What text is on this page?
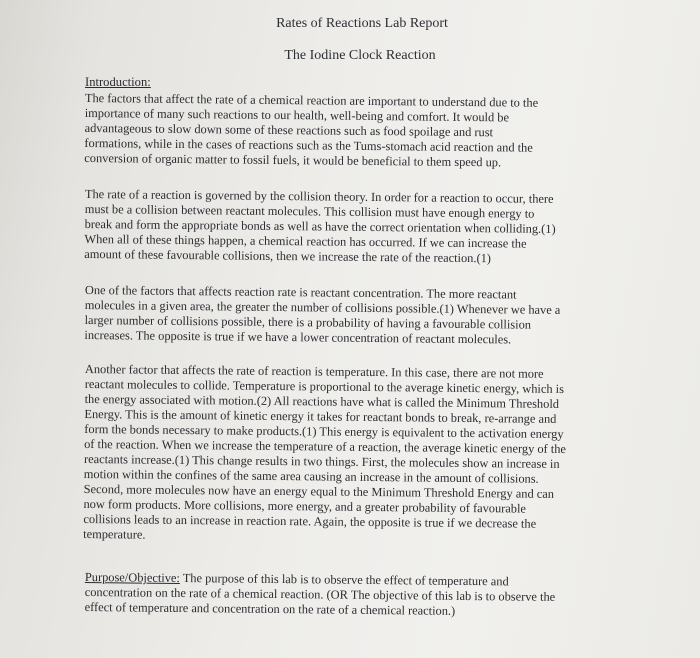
Rates of Reactions Lab Report
The Iodine Clock Reaction
Introduction:
The factors that affect the rate of a chemical reaction are important to understand due to the
importance of many such reactions to our health, well-being and comfort. It would be
advantageous to slow down some of these reactions such as food spoilage and rust
formations, while in the cases of reactions such as the Tums-stomach acid reaction and the
conversion of organic matter to fossil fuels, it would be beneficial to them speed up.
The rate of a reaction is governed by the collision theory. In order for a reaction to occur, there
must be a collision between reactant molecules. This collision must have enough energy to
break and form the appropriate bonds as well as have the correct orientation when colliding.(1)
When all of these things happen, a chemical reaction has occurred. If we can increase the
amount of these favourable collisions, then we increase the rate of the reaction.(1)
One of the factors that affects reaction rate is reactant concentration. The more reactant
molecules in a given area, the greater the number of collisions possible.(1) Whenever we have a
larger number of collisions possible, there is a probability of having a favourable collision
increases. The opposite is true if we have a lower concentration of reactant molecules.
Another factor that affects the rate of reaction is temperature. In this case, there are not more
reactant molecules to collide. Temperature is proportional to the average kinetic energy, which is
the energy associated with motion.(2) All reactions have what is called the Minimum Threshold
Energy. This is the amount of kinetic energy it takes for reactant bonds to break, re-arrange and
form the bonds necessary to make products.(1) This energy is equivalent to the activation energy
of the reaction. When we increase the temperature of a reaction, the average kinetic energy of the
reactants increase.(1) This change results in two things. First, the molecules show an increase in
motion within the confines of the same area causing an increase in the amount of collisions.
Second, more molecules now have an energy equal to the Minimum Threshold Energy and can
now form products. More collisions, more energy, and a greater probability of favourable
collisions leads to an increase in reaction rate. Again, the opposite is true if we decrease the
temperature.
Purpose/Objective: The purpose of this lab is to observe the effect of temperature and
concentration on the rate of a chemical reaction. (OR The objective of this lab is to observe the
effect of temperature and concentration on the rate of a chemical reaction.)
